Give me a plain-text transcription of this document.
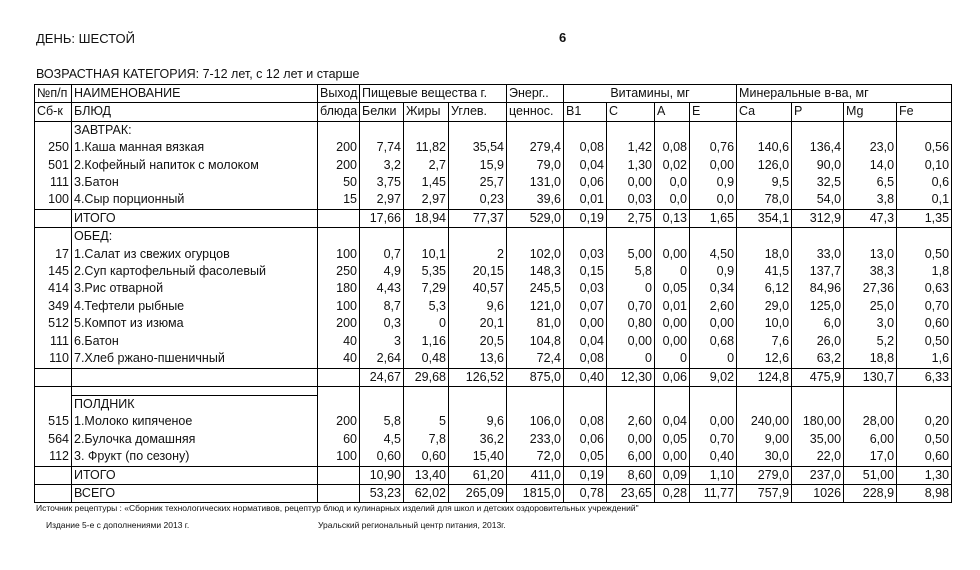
ДЕНЬ: ШЕСТОЙ	6
ВОЗРАСТНАЯ КАТЕГОРИЯ: 7-12 лет, с 12 лет и старше
№п/п	НАИМЕНОВАНИЕ	Выход	Пищевые вещества г.			Энерг..	Витамины, мг				Минеральные в-ва, мг			
Сб-к	БЛЮД	блюда	Белки	Жиры	Углев.	ценнос.	B1	C	A	E	Ca	P	Mg	Fe
	ЗАВТРАК:													
250	1.Каша манная вязкая	200	7,74	11,82	35,54	279,4	0,08	1,42	0,08	0,76	140,6	136,4	23,0	0,56
501	2.Кофейный напиток с молоком	200	3,2	2,7	15,9	79,0	0,04	1,30	0,02	0,00	126,0	90,0	14,0	0,10
111	3.Батон	50	3,75	1,45	25,7	131,0	0,06	0,00	0,0	0,9	9,5	32,5	6,5	0,6
100	4.Сыр порционный	15	2,97	2,97	0,23	39,6	0,01	0,03	0,0	0,0	78,0	54,0	3,8	0,1
	ИТОГО		17,66	18,94	77,37	529,0	0,19	2,75	0,13	1,65	354,1	312,9	47,3	1,35
	ОБЕД:													
17	1.Салат из свежих огурцов	100	0,7	10,1	2	102,0	0,03	5,00	0,00	4,50	18,0	33,0	13,0	0,50
145	2.Суп картофельный фасолевый	250	4,9	5,35	20,15	148,3	0,15	5,8	0	0,9	41,5	137,7	38,3	1,8
414	3.Рис отварной	180	4,43	7,29	40,57	245,5	0,03	0	0,05	0,34	6,12	84,96	27,36	0,63
349	4.Тефтели рыбные	100	8,7	5,3	9,6	121,0	0,07	0,70	0,01	2,60	29,0	125,0	25,0	0,70
512	5.Компот из изюма	200	0,3	0	20,1	81,0	0,00	0,80	0,00	0,00	10,0	6,0	3,0	0,60
111	6.Батон	40	3	1,16	20,5	104,8	0,04	0,00	0,00	0,68	7,6	26,0	5,2	0,50
110	7.Хлеб ржано-пшеничный	40	2,64	0,48	13,6	72,4	0,08	0	0	0	12,6	63,2	18,8	1,6
			24,67	29,68	126,52	875,0	0,40	12,30	0,06	9,02	124,8	475,9	130,7	6,33

	ПОЛДНИК													
515	1.Молоко кипяченое	200	5,8	5	9,6	106,0	0,08	2,60	0,04	0,00	240,00	180,00	28,00	0,20
564	2.Булочка домашняя	60	4,5	7,8	36,2	233,0	0,06	0,00	0,05	0,70	9,00	35,00	6,00	0,50
112	3. Фрукт (по сезону)	100	0,60	0,60	15,40	72,0	0,05	6,00	0,00	0,40	30,0	22,0	17,0	0,60
	ИТОГО		10,90	13,40	61,20	411,0	0,19	8,60	0,09	1,10	279,0	237,0	51,00	1,30
	ВСЕГО		53,23	62,02	265,09	1815,0	0,78	23,65	0,28	11,77	757,9	1026	228,9	8,98
Источник рецептуры : «Сборник технологических нормативов, рецептур блюд и кулинарных изделий для школ и детских оздоровительных учреждений"
Издание 5-е с дополнениями 2013 г.	Уральский региональный центр питания, 2013г.
